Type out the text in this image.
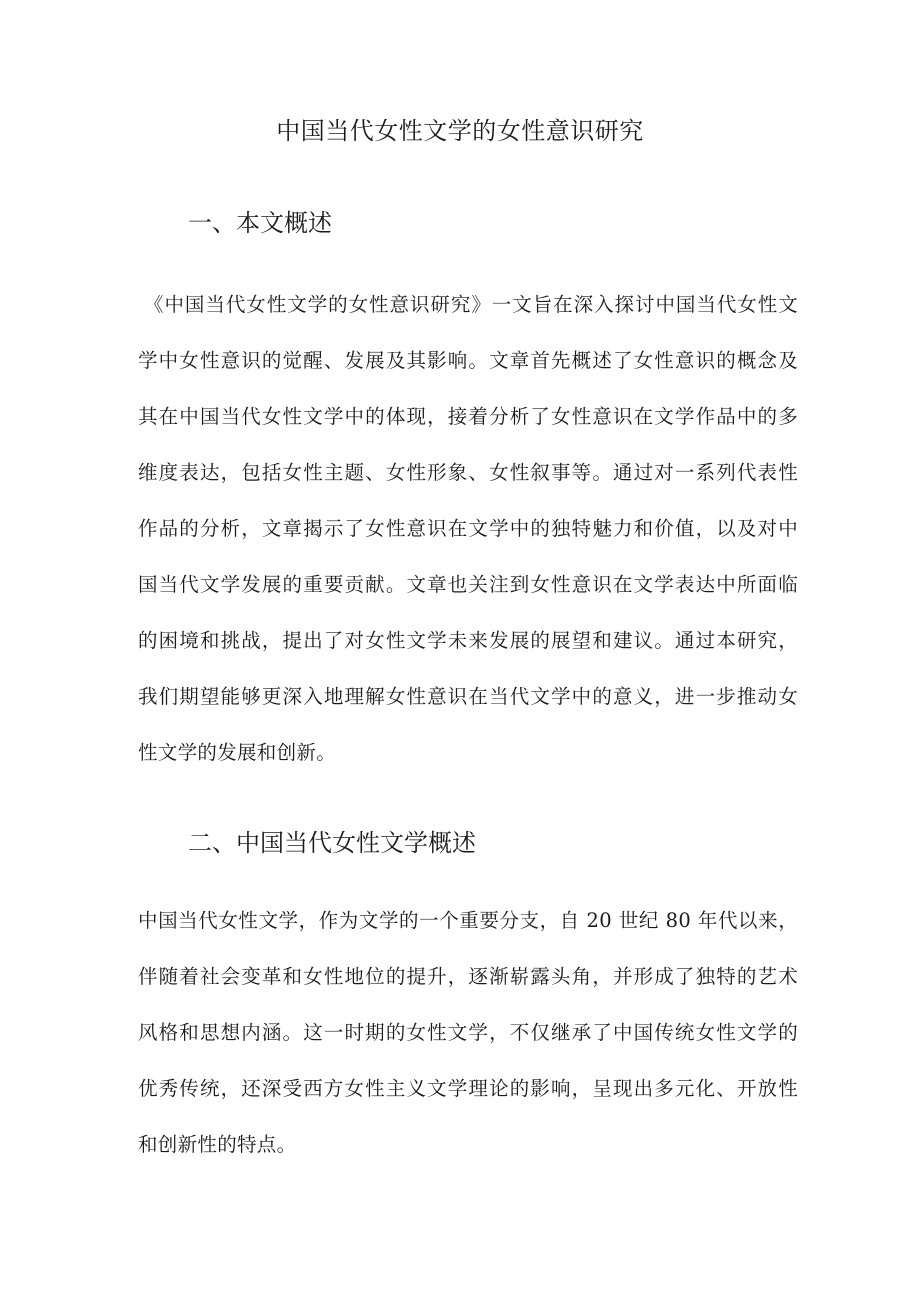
中国当代女性文学的女性意识研究
一、本文概述
《中国当代女性文学的女性意识研究》一文旨在深入探讨中国当代女性文
学中女性意识的觉醒、发展及其影响。文章首先概述了女性意识的概念及
其在中国当代女性文学中的体现，接着分析了女性意识在文学作品中的多
维度表达，包括女性主题、女性形象、女性叙事等。通过对一系列代表性
作品的分析，文章揭示了女性意识在文学中的独特魅力和价值，以及对中
国当代文学发展的重要贡献。文章也关注到女性意识在文学表达中所面临
的困境和挑战，提出了对女性文学未来发展的展望和建议。通过本研究，
我们期望能够更深入地理解女性意识在当代文学中的意义，进一步推动女
性文学的发展和创新。
二、中国当代女性文学概述
中国当代女性文学，作为文学的一个重要分支，自 20 世纪 80 年代以来，
伴随着社会变革和女性地位的提升，逐渐崭露头角，并形成了独特的艺术
风格和思想内涵。这一时期的女性文学，不仅继承了中国传统女性文学的
优秀传统，还深受西方女性主义文学理论的影响，呈现出多元化、开放性
和创新性的特点。
